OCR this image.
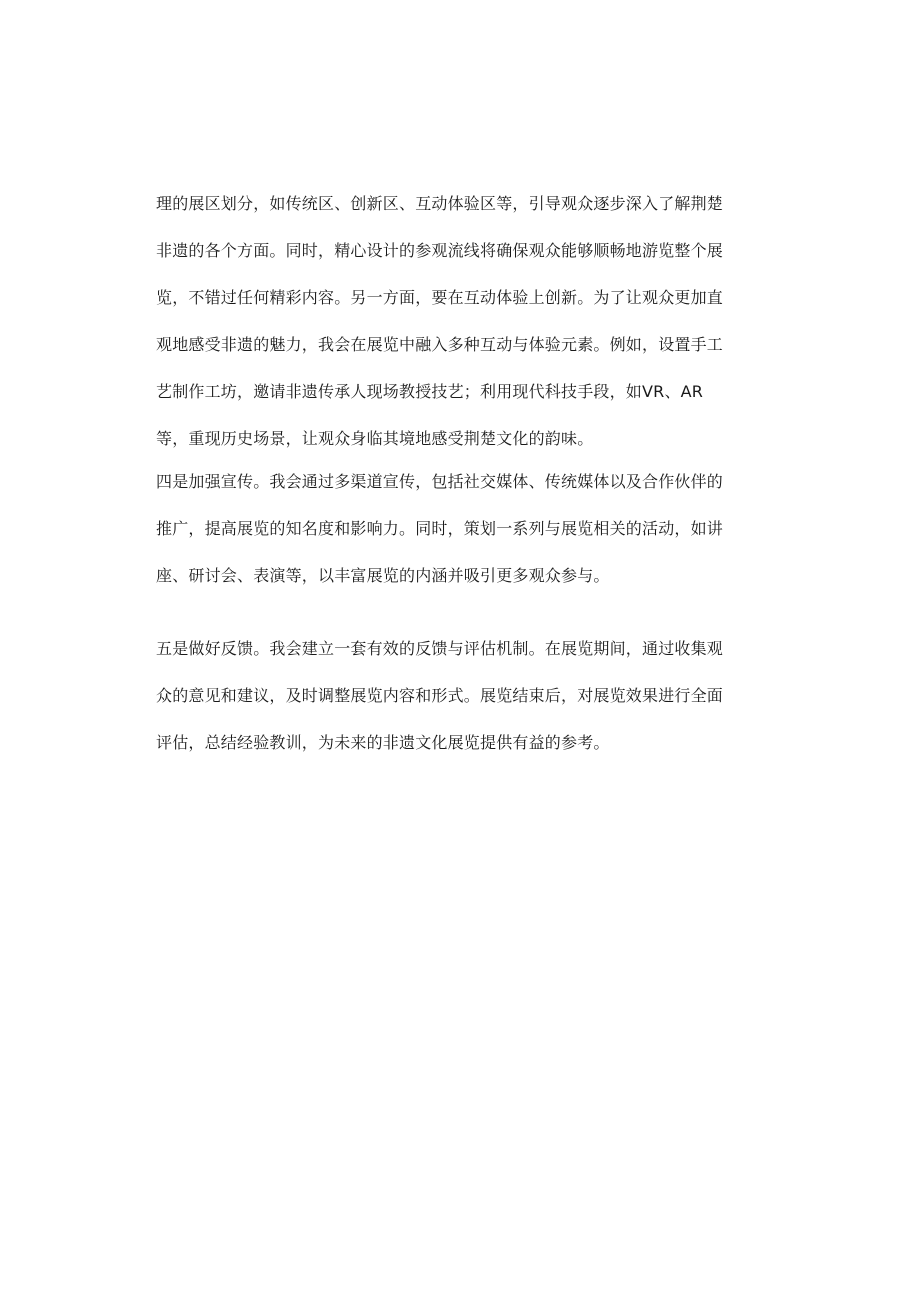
理的展区划分，如传统区、创新区、互动体验区等，引导观众逐步深入了解荆楚
非遗的各个方面。同时，精心设计的参观流线将确保观众能够顺畅地游览整个展
览，不错过任何精彩内容。另一方面，要在互动体验上创新。为了让观众更加直
观地感受非遗的魅力，我会在展览中融入多种互动与体验元素。例如，设置手工
艺制作工坊，邀请非遗传承人现场教授技艺；利用现代科技手段，如VR、AR
等，重现历史场景，让观众身临其境地感受荆楚文化的韵味。
四是加强宣传。我会通过多渠道宣传，包括社交媒体、传统媒体以及合作伙伴的
推广，提高展览的知名度和影响力。同时，策划一系列与展览相关的活动，如讲
座、研讨会、表演等，以丰富展览的内涵并吸引更多观众参与。
五是做好反馈。我会建立一套有效的反馈与评估机制。在展览期间，通过收集观
众的意见和建议，及时调整展览内容和形式。展览结束后，对展览效果进行全面
评估，总结经验教训，为未来的非遗文化展览提供有益的参考。
